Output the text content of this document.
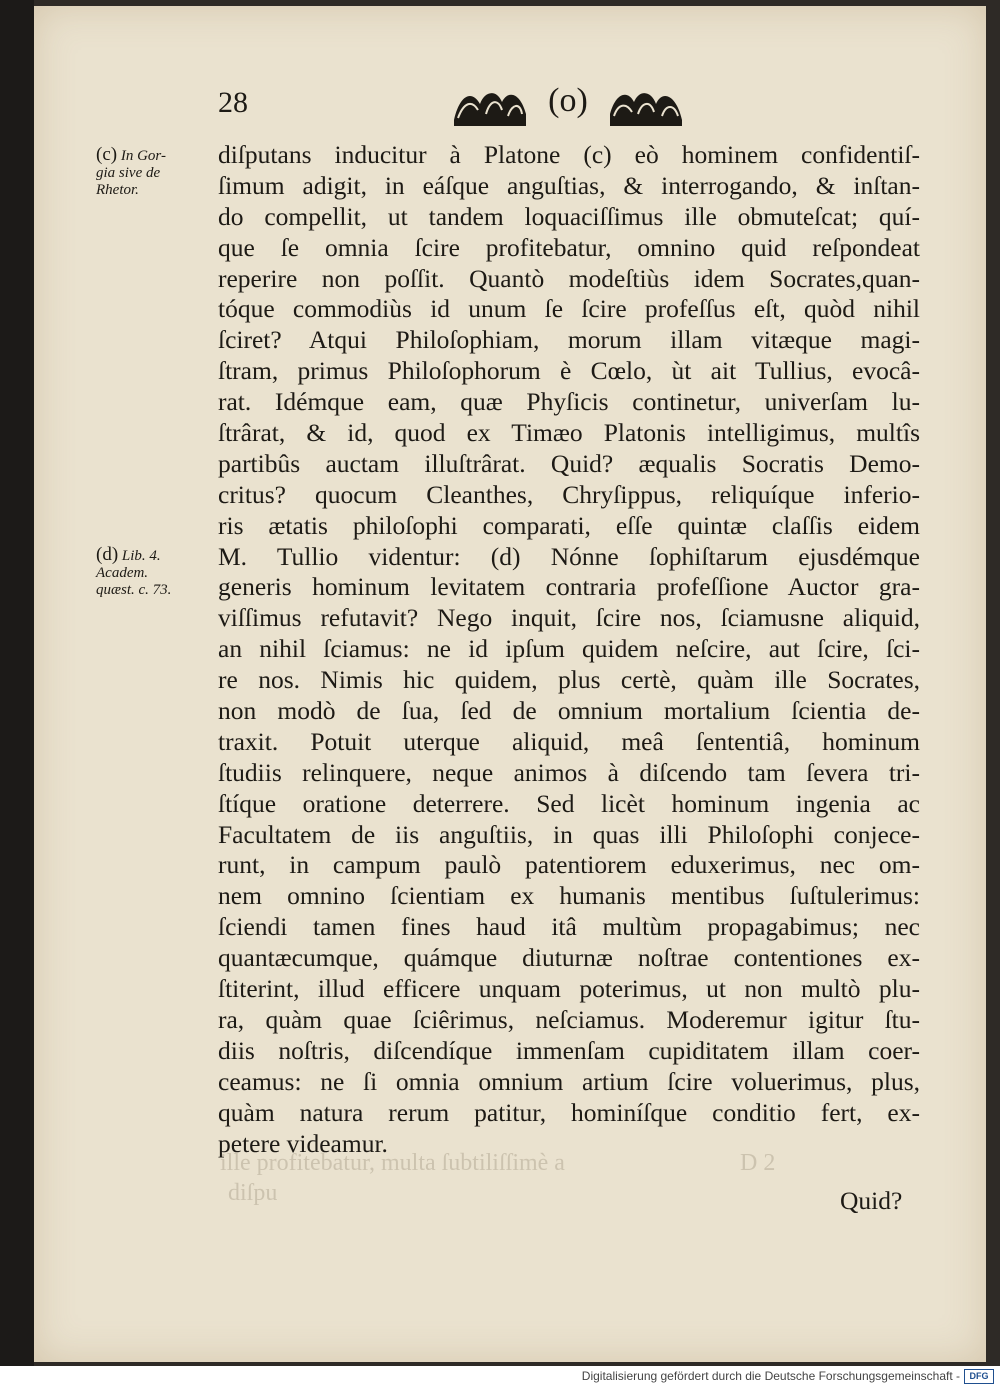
28	(o)
(c) In Gor-
gia sive de
Rhetor.
(d) Lib. 4.
Academ.
quæst. c. 73.
diſputans inducitur à Platone (c) eò hominem confidentiſ-
ſimum adigit, in eáſque anguſtias, & interrogando, & inſtan-
do compellit, ut tandem loquaciſſimus ille obmuteſcat; quí-
que ſe omnia ſcire profitebatur, omnino quid reſpondeat
reperire non poſſit. Quantò modeſtiùs idem Socrates,quan-
tóque commodiùs id unum ſe ſcire profeſſus eſt, quòd nihil
ſciret? Atqui Philoſophiam, morum illam vitæque magi-
ſtram, primus Philoſophorum è Cœlo, ùt ait Tullius, evocâ-
rat. Idémque eam, quæ Phyſicis continetur, univerſam lu-
ſtrârat, & id, quod ex Timæo Platonis intelligimus, multîs
partibûs auctam illuſtrârat. Quid? æqualis Socratis Demo-
critus? quocum Cleanthes, Chryſippus, reliquíque inferio-
ris ætatis philoſophi comparati, eſſe quintæ claſſis eidem
M. Tullio videntur: (d) Nónne ſophiſtarum ejusdémque
generis hominum levitatem contraria profeſſione Auctor gra-
viſſimus refutavit? Nego inquit, ſcire nos, ſciamusne aliquid,
an nihil ſciamus: ne id ipſum quidem neſcire, aut ſcire, ſci-
re nos. Nimis hic quidem, plus certè, quàm ille Socrates,
non modò de ſua, ſed de omnium mortalium ſcientia de-
traxit. Potuit uterque aliquid, meâ ſententiâ, hominum
ſtudiis relinquere, neque animos à diſcendo tam ſevera tri-
ſtíque oratione deterrere. Sed licèt hominum ingenia ac
Facultatem de iis anguſtiis, in quas illi Philoſophi conjece-
runt, in campum paulò patentiorem eduxerimus, nec om-
nem omnino ſcientiam ex humanis mentibus ſuſtulerimus:
ſciendi tamen fines haud itâ multùm propagabimus; nec
quantæcumque, quámque diuturnæ noſtrae contentiones ex-
ſtiterint, illud efficere unquam poterimus, ut non multò plu-
ra, quàm quae ſciêrimus, neſciamus. Moderemur igitur ſtu-
diis noſtris, diſcendíque immenſam cupiditatem illam coer-
ceamus: ne ſi omnia omnium artium ſcire voluerimus, plus,
quàm natura rerum patitur, hominíſque conditio fert, ex-
petere videamur.
ille profitebatur, multa ſubtiliſſimè a	D 2
diſpu	Quid?
Digitalisierung gefördert durch die Deutsche Forschungsgemeinschaft -	DFG
